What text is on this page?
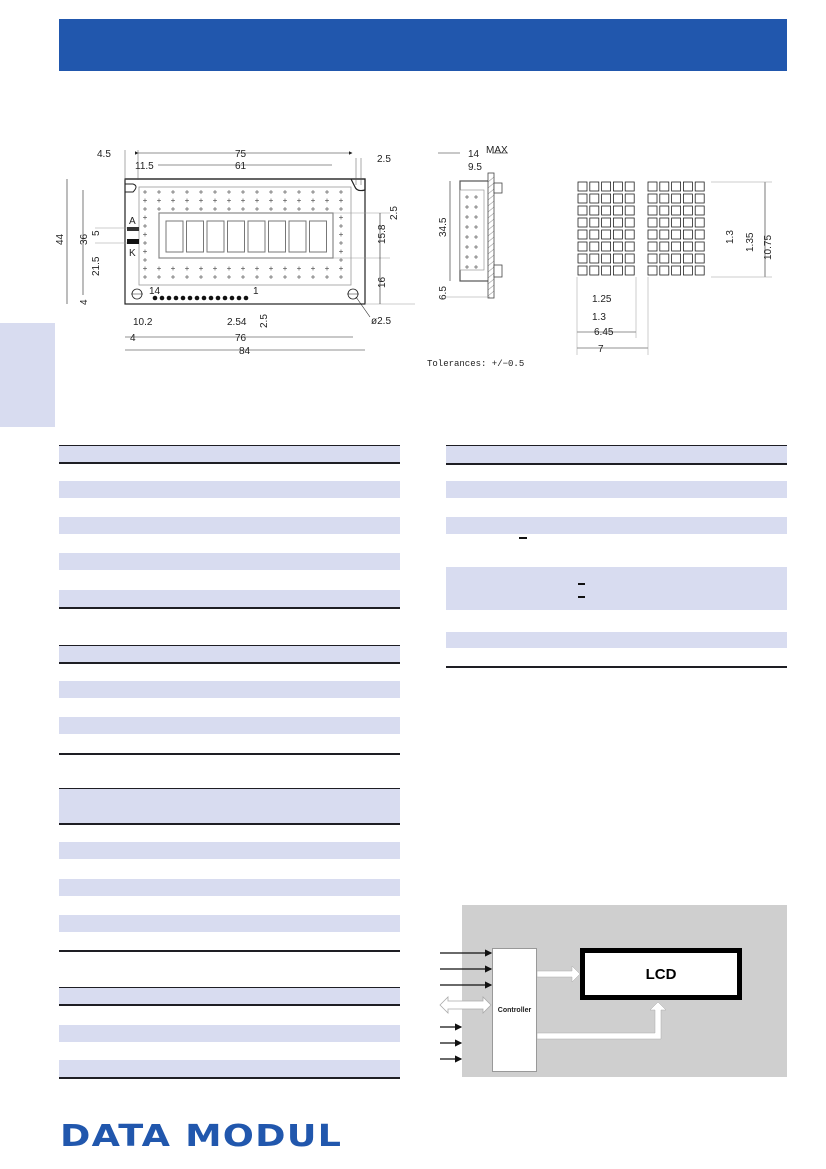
A
K
14	1
75
4.5
11.5	61
2.5
44 36
5
21.5
4
2.5
15.8
16
10.2	2.54 2.5
4	76
84
ø2.5
14 MAX
9.5
34.5
6.5
Tolerances: +/−0.5
1.3 1.35 10.75
1.25
1.3
6.45
7
Controller
LCD
DATA MODUL
